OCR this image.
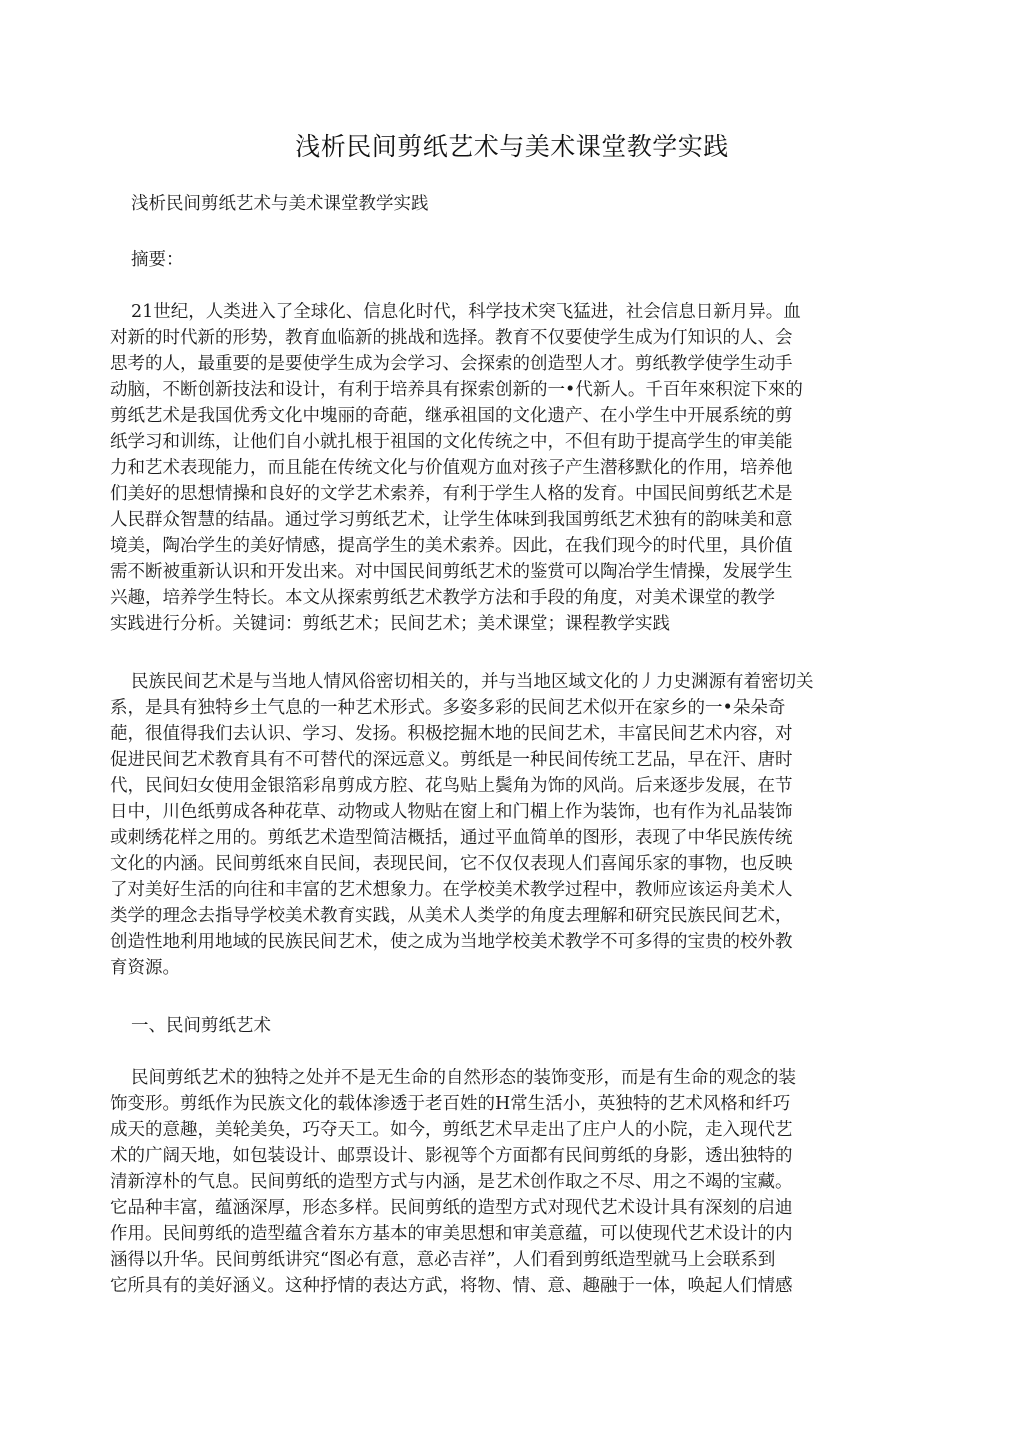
浅析民间剪纸艺术与美术课堂教学实践
浅析民间剪纸艺术与美术课堂教学实践
摘要：
21世纪，人类进入了全球化、信息化时代，科学技术突飞猛进，社会信息日新月异。血
对新的时代新的形势，教育血临新的挑战和选择。教育不仅要使学生成为仃知识的人、会
思考的人，最重要的是要使学生成为会学习、会探索的创造型人才。剪纸教学使学生动手
动脑，不断创新技法和设计，有利于培养具有探索创新的一•代新人。千百年來积淀下來的
剪纸艺术是我国优秀文化中塊丽的奇葩，继承祖国的文化遗产、在小学生中开展系统的剪
纸学习和训练，让他们自小就扎根于祖国的文化传统之中，不但有助于提高学生的审美能
力和艺术表现能力，而且能在传统文化与价值观方血对孩子产生潜移默化的作用，培养他
们美好的思想情操和良好的文学艺术索养，有利于学生人格的发育。中国民间剪纸艺术是
人民群众智慧的结晶。通过学习剪纸艺术，让学生体味到我国剪纸艺术独有的韵味美和意
境美，陶冶学生的美好情感，提高学生的美术索养。因此，在我们现今的时代里，具价值
需不断被重新认识和开发出来。对中国民间剪纸艺术的鉴赏可以陶冶学生情操，发展学生
兴趣，培养学生特长。本文从探索剪纸艺术教学方法和手段的角度，对美术课堂的教学
实践进行分析。关键词：剪纸艺术；民间艺术；美术课堂；课程教学实践
民族民间艺术是与当地人情风俗密切相关的，并与当地区域文化的丿力史渊源有着密切关
系，是具有独特乡土气息的一种艺术形式。多姿多彩的民间艺术似开在家乡的一•朵朵奇
葩，很值得我们去认识、学习、发扬。积极挖掘木地的民间艺术，丰富民间艺术内容，对
促进民间艺术教育具有不可替代的深远意义。剪纸是一种民间传统工艺品，早在汗、唐时
代，民间妇女使用金银箔彩帛剪成方腔、花鸟贴上鬓角为饰的风尚。后来逐步发展，在节
日中，川色纸剪成各种花草、动物或人物贴在窗上和门楣上作为装饰，也有作为礼品装饰
或刺绣花样之用的。剪纸艺术造型简洁概括，通过平血简单的图形，表现了中华民族传统
文化的内涵。民间剪纸來自民间，表现民间，它不仅仅表现人们喜闻乐家的事物，也反映
了对美好生活的向往和丰富的艺术想象力。在学校美术教学过程中，教师应该运舟美术人
类学的理念去指导学校美术教育实践，从美术人类学的角度去理解和研究民族民间艺术，
创造性地利用地域的民族民间艺术，使之成为当地学校美术教学不可多得的宝贵的校外教
育资源。
一、民间剪纸艺术
民间剪纸艺术的独特之处并不是无生命的自然形态的装饰变形，而是有生命的观念的装
饰变形。剪纸作为民族文化的载体渗透于老百姓的H常生活小，英独特的艺术风格和纤巧
成天的意趣，美轮美奂，巧夺天工。如今，剪纸艺术早走出了庄户人的小院，走入现代艺
术的广阔天地，如包装设计、邮票设计、影视等个方面都有民间剪纸的身影，透出独特的
清新淳朴的气息。民间剪纸的造型方式与内涵，是艺术创作取之不尽、用之不竭的宝藏。
它品种丰富，蕴涵深厚，形态多样。民间剪纸的造型方式对现代艺术设计具有深刻的启迪
作用。民间剪纸的造型蕴含着东方基本的审美思想和审美意蕴，可以使现代艺术设计的内
涵得以升华。民间剪纸讲究“图必有意，意必吉祥”，人们看到剪纸造型就马上会联系到
它所具有的美好涵义。这种抒情的表达方武，将物、情、意、趣融于一体，唤起人们情感
